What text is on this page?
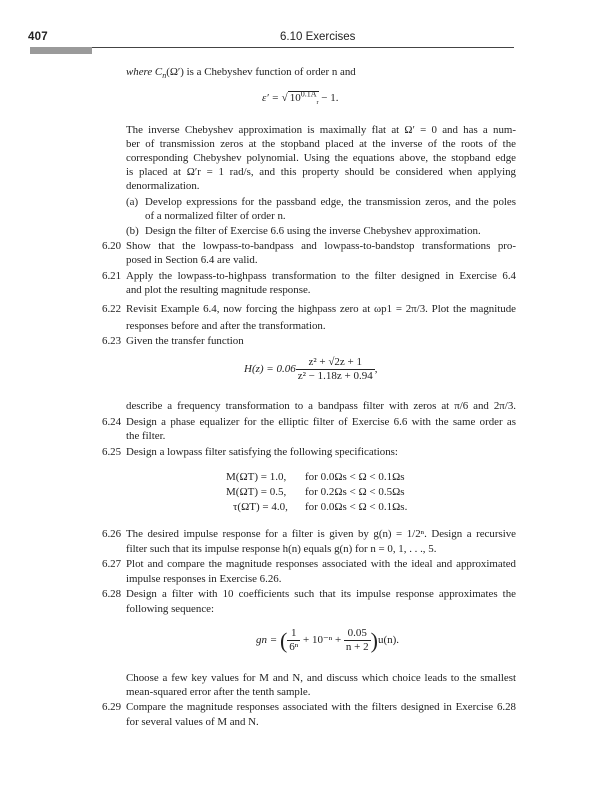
407	6.10 Exercises
where $C_n(\Omega')$ is a Chebyshev function of order n and
ε′ = √ $10^{0.1A}_r - 1$.
The inverse Chebyshev approximation is maximally flat at Ω′ = 0 and has a num-
ber of transmission zeros at the stopband placed at the inverse of the roots of the
corresponding Chebyshev polynomial. Using the equations above, the stopband edge
is placed at Ω′r = 1 rad/s, and this property should be considered when applying
denormalization.
(a) Develop expressions for the passband edge, the transmission zeros, and the poles
of a normalized filter of order n.
(b) Design the filter of Exercise 6.6 using the inverse Chebyshev approximation.
6.20 Show that the lowpass-to-bandpass and lowpass-to-bandstop transformations pro-
posed in Section 6.4 are valid.
6.21 Apply the lowpass-to-highpass transformation to the filter designed in Exercise 6.4
and plot the resulting magnitude response.
6.22 Revisit Example 6.4, now forcing the highpass zero at ωp1 = 2π/3. Plot the magnitude
responses before and after the transformation.
6.23 Given the transfer function
$H(z) = 0.06 \frac{\text{z² + √2z + 1}}{\text{z² − 1.18z + 0.94}}$ ,
describe a frequency transformation to a bandpass filter with zeros at π/6 and 2π/3.
6.24 Design a phase equalizer for the elliptic filter of Exercise 6.6 with the same order as
the filter.
6.25 Design a lowpass filter satisfying the following specifications:
M(ΩT) = 1.0, for 0.0Ωs < Ω < 0.1Ωs
M(ΩT) = 0.5, for 0.2Ωs < Ω < 0.5Ωs
τ(ΩT) = 4.0, for 0.0Ωs < Ω < 0.1Ωs.
6.26 The desired impulse response for a filter is given by g(n) = 1/2ⁿ. Design a recursive
filter such that its impulse response h(n) equals g(n) for n = 0, 1, . . ., 5.
6.27 Plot and compare the magnitude responses associated with the ideal and approximated
impulse responses in Exercise 6.26.
6.28 Design a filter with 10 coefficients such that its impulse response approximates the
following sequence:
gn = ( $\frac{1}{\text{6ⁿ}} + 10^{-n} + \frac{0.05}{n + 2} )u(n)$.
Choose a few key values for M and N, and discuss which choice leads to the smallest
mean-squared error after the tenth sample.
6.29 Compare the magnitude responses associated with the filters designed in Exercise 6.28
for several values of M and N.
